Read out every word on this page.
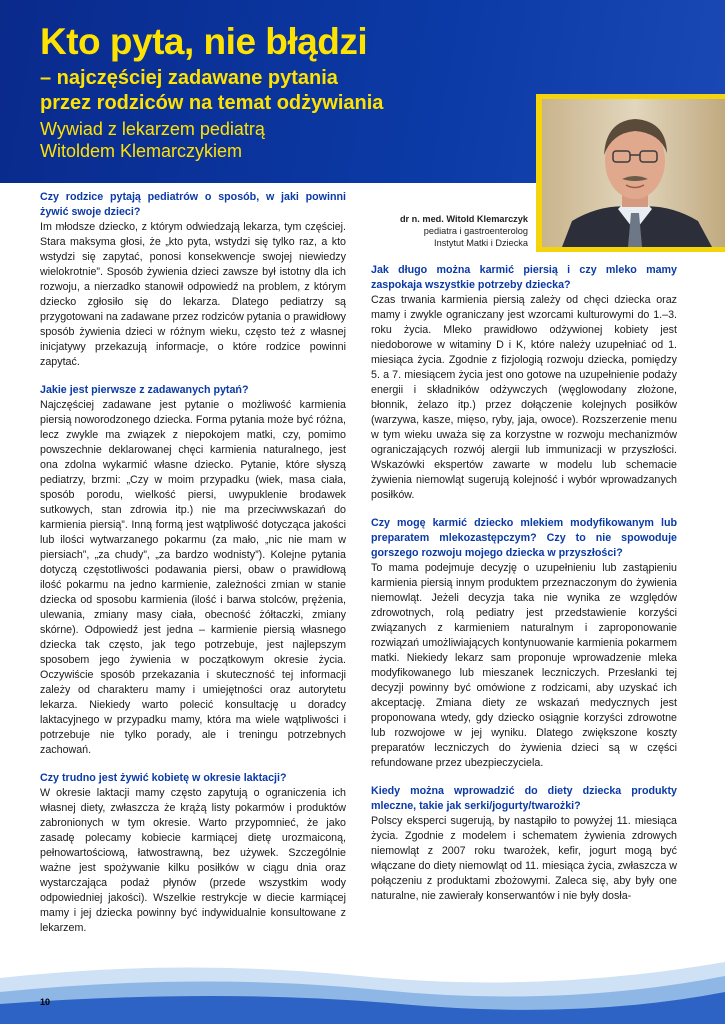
Kto pyta, nie błądzi
– najczęściej zadawane pytania
przez rodziców na temat odżywiania
Wywiad z lekarzem pediatrą
Witoldem Klemarczykiem
dr n. med. Witold Klemarczyk
pediatra i gastroenterolog
Instytut Matki i Dziecka

Czy rodzice pytają pediatrów o sposób, w jaki powinni żywić swoje dzieci?

Im młodsze dziecko, z którym odwiedzają lekarza, tym częściej. Stara maksyma głosi, że „kto pyta, wstydzi się tylko raz, a kto wstydzi się zapytać, ponosi konsekwencje swojej niewiedzy wielokrotnie”. Sposób żywienia dzieci zawsze był istotny dla ich rozwoju, a nierzadko stanowił odpowiedź na problem, z którym dziecko zgłosiło się do lekarza. Dlatego pediatrzy są przygotowani na zadawane przez rodziców pytania o prawidłowy sposób żywienia dzieci w różnym wieku, często też z własnej inicjatywy przekazują informacje, o które rodzice powinni zapytać.

Jakie jest pierwsze z zadawanych pytań?

Najczęściej zadawane jest pytanie o możliwość karmienia piersią noworodzonego dziecka. Forma pytania może być różna, lecz zwykle ma związek z niepokojem matki, czy, pomimo powszechnie deklarowanej chęci karmienia naturalnego, jest ona zdolna wykarmić własne dziecko. Pytanie, które słyszą pediatrzy, brzmi: „Czy w moim przypadku (wiek, masa ciała, sposób porodu, wielkość piersi, uwypuklenie brodawek sutkowych, stan zdrowia itp.) nie ma przeciwwskazań do karmienia piersią”. Inną formą jest wątpliwość dotycząca jakości lub ilości wytwarzanego pokarmu (za mało, „nic nie mam w piersiach”, „za chudy”, „za bardzo wodnisty”). Kolejne pytania dotyczą częstotliwości podawania piersi, obaw o prawidłową ilość pokarmu na jedno karmienie, zależności zmian w stanie dziecka od sposobu karmienia (ilość i barwa stolców, prężenia, ulewania, zmiany masy ciała, obecność żółtaczki, zmiany skórne). Odpowiedź jest jedna – karmienie piersią własnego dziecka tak często, jak tego potrzebuje, jest najlepszym sposobem jego żywienia w początkowym okresie życia. Oczywiście sposób przekazania i skuteczność tej informacji zależy od charakteru mamy i umiejętności oraz autorytetu lekarza. Niekiedy warto polecić konsultację u doradcy laktacyjnego w przypadku mamy, która ma wiele wątpliwości i potrzebuje nie tylko porady, ale i treningu potrzebnych zachowań.

Czy trudno jest żywić kobietę w okresie laktacji?

W okresie laktacji mamy często zapytują o ograniczenia ich własnej diety, zwłaszcza że krążą listy pokarmów i produktów zabronionych w tym okresie. Warto przypomnieć, że jako zasadę polecamy kobiecie karmiącej dietę urozmaiconą, pełnowartościową, łatwostrawną, bez używek. Szczególnie ważne jest spożywanie kilku posiłków w ciągu dnia oraz wystarczająca podaż płynów (przede wszystkim wody odpowiedniej jakości). Wszelkie restrykcje w diecie karmiącej mamy i jej dziecka powinny być indywidualnie konsultowane z lekarzem.

Jak długo można karmić piersią i czy mleko mamy zaspokaja wszystkie potrzeby dziecka?

Czas trwania karmienia piersią zależy od chęci dziecka oraz mamy i zwykle ograniczany jest wzorcami kulturowymi do 1.–3. roku życia. Mleko prawidłowo odżywionej kobiety jest niedoborowe w witaminy D i K, które należy uzupełniać od 1. miesiąca życia. Zgodnie z fizjologią rozwoju dziecka, pomiędzy 5. a 7. miesiącem życia jest ono gotowe na uzupełnienie podaży energii i składników odżywczych (węglowodany złożone, błonnik, żelazo itp.) przez dołączenie kolejnych posiłków (warzywa, kasze, mięso, ryby, jaja, owoce). Rozszerzenie menu w tym wieku uważa się za korzystne w rozwoju mechanizmów ograniczających rozwój alergii lub immunizacji w przyszłości. Wskazówki ekspertów zawarte w modelu lub schemacie żywienia niemowląt sugerują kolejność i wybór wprowadzanych posiłków.

Czy mogę karmić dziecko mlekiem modyfikowanym lub preparatem mlekozastępczym? Czy to nie spowoduje gorszego rozwoju mojego dziecka w przyszłości?

To mama podejmuje decyzję o uzupełnieniu lub zastąpieniu karmienia piersią innym produktem przeznaczonym do żywienia niemowląt. Jeżeli decyzja taka nie wynika ze względów zdrowotnych, rolą pediatry jest przedstawienie korzyści związanych z karmieniem naturalnym i zaproponowanie rozwiązań umożliwiających kontynuowanie karmienia pokarmem matki. Niekiedy lekarz sam proponuje wprowadzenie mleka modyfikowanego lub mieszanek leczniczych. Przesłanki tej decyzji powinny być omówione z rodzicami, aby uzyskać ich akceptację. Zmiana diety ze wskazań medycznych jest proponowana wtedy, gdy dziecko osiągnie korzyści zdrowotne lub rozwojowe w jej wyniku. Dlatego zwiększone koszty preparatów leczniczych do żywienia dzieci są w części refundowane przez ubezpieczyciela.

Kiedy można wprowadzić do diety dziecka produkty mleczne, takie jak serki/jogurty/twarożki?

Polscy eksperci sugerują, by nastąpiło to powyżej 11. miesiąca życia. Zgodnie z modelem i schematem żywienia zdrowych niemowląt z 2007 roku twarożek, kefir, jogurt mogą być włączane do diety niemowląt od 11. miesiąca życia, zwłaszcza w połączeniu z produktami zbożowymi. Zaleca się, aby były one naturalne, nie zawierały konserwantów i nie były dosła-

10
